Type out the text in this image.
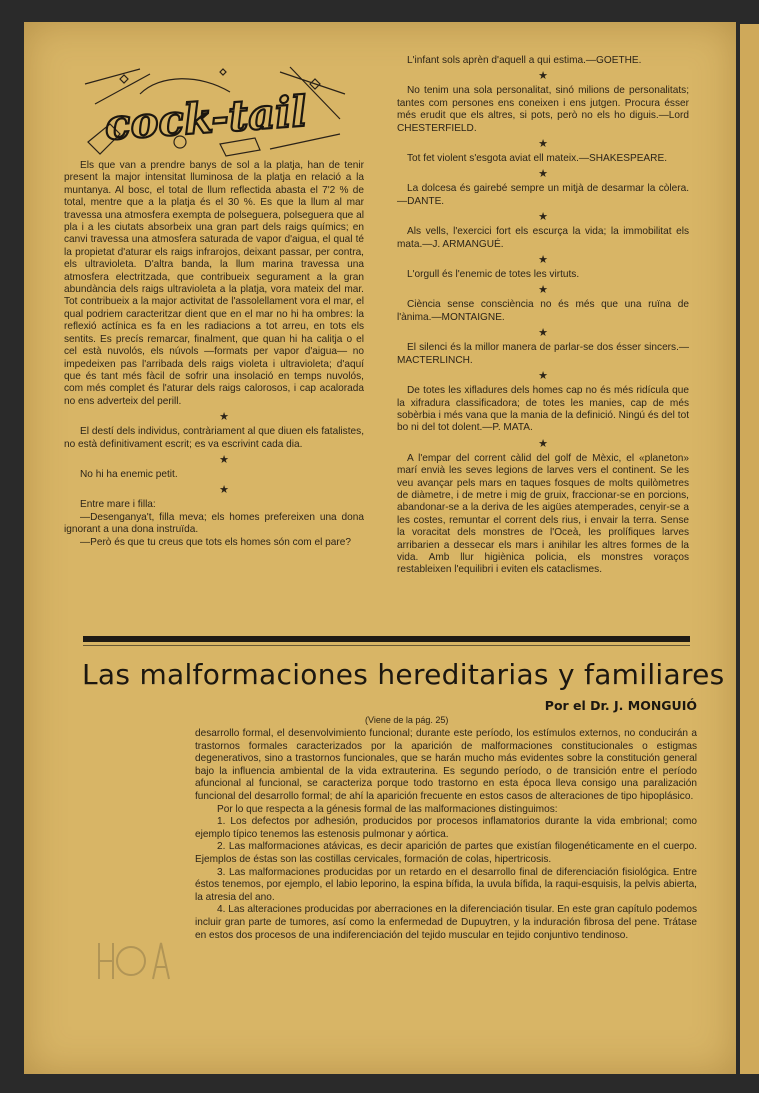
cock-tail

Els que van a prendre banys de sol a la platja, han de tenir present la major intensitat lluminosa de la platja en relació a la muntanya. Al bosc, el total de llum reflectida abasta el 7'2 % de total, mentre que a la platja és el 30 %. Es que la llum al mar travessa una atmosfera exempta de polseguera, polseguera que al pla i a les ciutats absorbeix una gran part dels raigs químics; en canvi travessa una atmosfera saturada de vapor d'aigua, el qual té la propietat d'aturar els raigs infrarojos, deixant passar, per contra, els ultravioleta. D'altra banda, la llum marina travessa una atmosfera electritzada, que contribueix segurament a la gran abundància dels raigs ultravioleta a la platja, vora mateix del mar. Tot contribueix a la major activitat de l'assolellament vora el mar, el qual podriem caracteritzar dient que en el mar no hi ha ombres: la reflexió actínica es fa en les radiacions a tot arreu, en tots els sentits. Es precís remarcar, finalment, que quan hi ha calitja o el cel està nuvolós, els núvols —formats per vapor d'aigua— no impedeixen pas l'arribada dels raigs violeta i ultravioleta; d'aquí que és tant més fàcil de sofrir una insolació en temps nuvolós, com més complet és l'aturar dels raigs calorosos, i cap acalorada no ens adverteix del perill.

★

El destí dels individus, contràriament al que diuen els fatalistes, no està definitivament escrit; es va escrivint cada dia.

★

No hi ha enemic petit.

★

Entre mare i filla:

—Desenganya't, filla meva; els homes prefereixen una dona ignorant a una dona instruïda.

—Però és que tu creus que tots els homes són com el pare?

L'infant sols aprèn d'aquell a qui estima.—GOETHE.

★

No tenim una sola personalitat, sinó milions de personalitats; tantes com persones ens coneixen i ens jutgen. Procura ésser més erudit que els altres, si pots, però no els ho diguis.—Lord CHESTERFIELD.

★

Tot fet violent s'esgota aviat ell mateix.—SHAKESPEARE.

★

La dolcesa és gairebé sempre un mitjà de desarmar la còlera.—DANTE.

★

Als vells, l'exercici fort els escurça la vida; la immobilitat els mata.—J. ARMANGUÉ.

★

L'orgull és l'enemic de totes les virtuts.

★

Ciència sense consciència no és més que una ruïna de l'ànima.—MONTAIGNE.

★

El silenci és la millor manera de parlar-se dos ésser sincers.—MACTERLINCH.

★

De totes les xifladures dels homes cap no és més ridícula que la xifradura classificadora; de totes les manies, cap de més sobèrbia i més vana que la mania de la definició. Ningú és del tot bo ni del tot dolent.—P. MATA.

★

A l'empar del corrent càlid del golf de Mèxic, el «planeton» marí envià les seves legions de larves vers el continent. Se les veu avançar pels mars en taques fosques de molts quilòmetres de diàmetre, i de metre i mig de gruix, fraccionar-se en porcions, abandonar-se a la deriva de les aigües atemperades, cenyir-se a les costes, remuntar el corrent dels rius, i envair la terra. Sense la voracitat dels monstres de l'Oceà, les prolífiques larves arribarien a dessecar els mars i anihilar les altres formes de la vida. Amb llur higiènica policia, els monstres voraços restableixen l'equilibri i eviten els cataclismes.

Las malformaciones hereditarias y familiares
Por el Dr. J. MONGUIÓ
(Viene de la pág. 25)

desarrollo formal, el desenvolvimiento funcional; durante este período, los estímulos externos, no conducirán a trastornos formales caracterizados por la aparición de malformaciones constitucionales o estigmas degenerativos, sino a trastornos funcionales, que se harán mucho más evidentes sobre la constitución general bajo la influencia ambiental de la vida extrauterina. Es segundo período, o de transición entre el período afuncional al funcional, se caracteriza porque todo trastorno en esta época lleva consigo una paralización funcional del desarrollo formal; de ahí la aparición frecuente en estos casos de alteraciones de tipo hipoplásico.

Por lo que respecta a la génesis formal de las malformaciones distinguimos:

1. Los defectos por adhesión, producidos por procesos inflamatorios durante la vida embrional; como ejemplo típico tenemos las estenosis pulmonar y aórtica.

2. Las malformaciones atávicas, es decir aparición de partes que existían filogenéticamente en el cuerpo. Ejemplos de éstas son las costillas cervicales, formación de colas, hipertricosis.

3. Las malformaciones producidas por un retardo en el desarrollo final de diferenciación fisiológica. Entre éstos tenemos, por ejemplo, el labio leporino, la espina bífida, la uvula bífida, la raqui-esquisis, la pelvis abierta, la atresia del ano.

4. Las alteraciones producidas por aberraciones en la diferenciación tisular. En este gran capítulo podemos incluir gran parte de tumores, así como la enfermedad de Dupuytren, y la induración fibrosa del pene. Trátase en estos dos procesos de una indiferenciación del tejido muscular en tejido conjuntivo tendinoso.
